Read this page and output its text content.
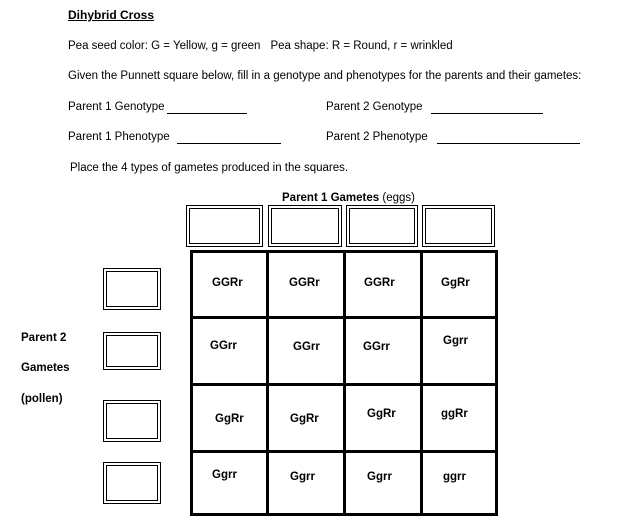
Dihybrid Cross
Pea seed color: G = Yellow, g = green Pea shape: R = Round, r = wrinkled
Given the Punnett square below, fill in a genotype and phenotypes for the parents and their gametes:
Parent 1 Genotype	Parent 2 Genotype
Parent 1 Phenotype	Parent 2 Phenotype
Place the 4 types of gametes produced in the squares.
Parent 1 Gametes (eggs)
Parent 2
Gametes
(pollen)
GGRr	GGRr	GGRr	GgRr
GGrr	GGrr	GGrr	Ggrr
GgRr	GgRr	GgRr	ggRr
Ggrr	Ggrr	Ggrr	ggrr
